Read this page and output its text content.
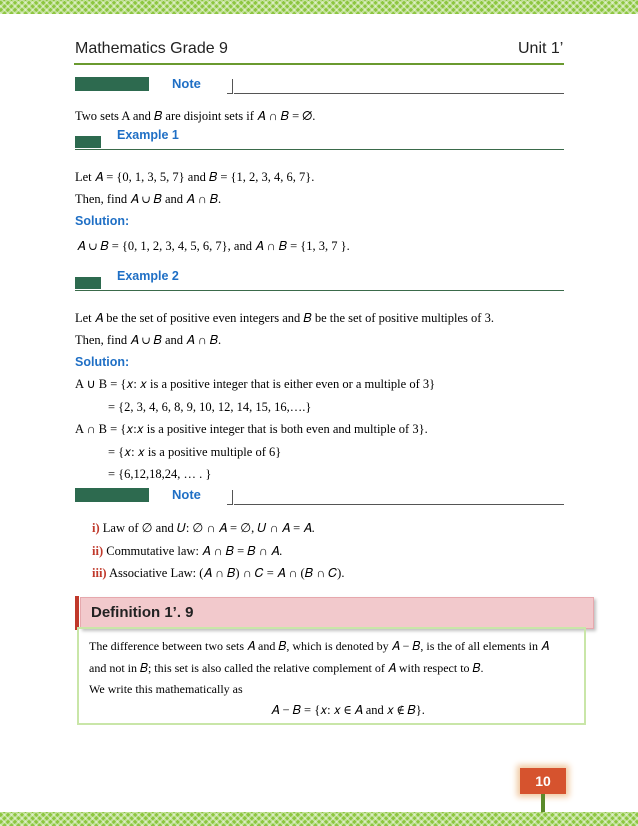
Mathematics Grade 9	Unit 1’
Note
Two sets A and 𝐵 are disjoint sets if 𝐴 ∩ 𝐵 = ∅.
Example 1
Let 𝐴 = {0, 1, 3, 5, 7} and 𝐵 = {1, 2, 3, 4, 6, 7}.
Then, find 𝐴 ∪ 𝐵 and 𝐴 ∩ 𝐵.
Solution:
𝐴 ∪ 𝐵 = {0, 1, 2, 3, 4, 5, 6, 7}, and 𝐴 ∩ 𝐵 = {1, 3, 7 }.
Example 2
Let 𝐴 be the set of positive even integers and 𝐵 be the set of positive multiples of 3.
Then, find 𝐴 ∪ 𝐵 and 𝐴 ∩ 𝐵.
Solution:
A ∪ B = {𝑥: 𝑥 is a positive integer that is either even or a multiple of 3}
= {2, 3, 4, 6, 8, 9, 10, 12, 14, 15, 16,….}
A ∩ B = {𝑥:𝑥 is a positive integer that is both even and multiple of 3}.
= {𝑥: 𝑥 is a positive multiple of 6}
= {6,12,18,24, … . }
Note
i) Law of ∅ and 𝑈: ∅ ∩ 𝐴 = ∅, 𝑈 ∩ 𝐴 = 𝐴.
ii) Commutative law: 𝐴 ∩ 𝐵 = 𝐵 ∩ 𝐴.
iii) Associative Law: (𝐴 ∩ 𝐵) ∩ 𝐶 = 𝐴 ∩ (𝐵 ∩ 𝐶).
Definition 1’. 9
The difference between two sets 𝐴 and 𝐵, which is denoted by 𝐴 − 𝐵, is the of all elements in 𝐴
and not in 𝐵; this set is also called the relative complement of 𝐴 with respect to 𝐵.
We write this mathematically as
𝐴 − 𝐵 = {𝑥: 𝑥 ∈ 𝐴 and 𝑥 ∉ 𝐵}.
10
